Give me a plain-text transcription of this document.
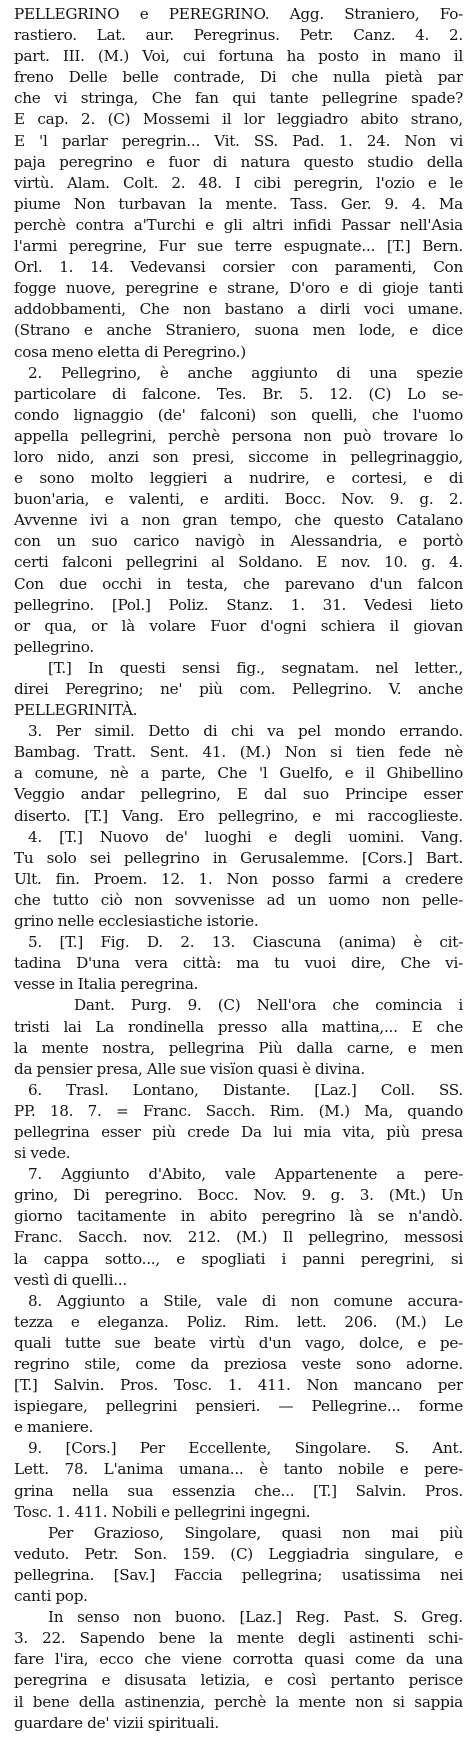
PELLEGRINO e PEREGRINO. Agg. Straniero, Fo-
rastiero. Lat. aur. Peregrinus. Petr. Canz. 4. 2.
part. III. (M.) Voi, cui fortuna ha posto in mano il
freno Delle belle contrade, Di che nulla pietà par
che vi stringa, Che fan qui tante pellegrine spade?
E cap. 2. (C) Mossemi il lor leggiadro abito strano,
E 'l parlar peregrin... Vit. SS. Pad. 1. 24. Non vi
paja peregrino e fuor di natura questo studio della
virtù. Alam. Colt. 2. 48. I cibi peregrin, l'ozio e le
piume Non turbavan la mente. Tass. Ger. 9. 4. Ma
perchè contra a'Turchi e gli altri infidi Passar nell'Asia
l'armi peregrine, Fur sue terre espugnate... [T.] Bern.
Orl. 1. 14. Vedevansi corsier con paramenti, Con
fogge nuove, peregrine e strane, D'oro e di gioje tanti
addobbamenti, Che non bastano a dirli voci umane.
(Strano e anche Straniero, suona men lode, e dice
cosa meno eletta di Peregrino.)
2. Pellegrino, è anche aggiunto di una spezie
particolare di falcone. Tes. Br. 5. 12. (C) Lo se-
condo lignaggio (de' falconi) son quelli, che l'uomo
appella pellegrini, perchè persona non può trovare lo
loro nido, anzi son presi, siccome in pellegrinaggio,
e sono molto leggieri a nudrire, e cortesi, e di
buon'aria, e valenti, e arditi. Bocc. Nov. 9. g. 2.
Avvenne ivi a non gran tempo, che questo Catalano
con un suo carico navigò in Alessandria, e portò
certi falconi pellegrini al Soldano. E nov. 10. g. 4.
Con due occhi in testa, che parevano d'un falcon
pellegrino. [Pol.] Poliz. Stanz. 1. 31. Vedesi lieto
or qua, or là volare Fuor d'ogni schiera il giovan
pellegrino.
[T.] In questi sensi fig., segnatam. nel letter.,
direi Peregrino; ne' più com. Pellegrino. V. anche
PELLEGRINITÀ.
3. Per simil. Detto di chi va pel mondo errando.
Bambag. Tratt. Sent. 41. (M.) Non si tien fede nè
a comune, nè a parte, Che 'l Guelfo, e il Ghibellino
Veggio andar pellegrino, E dal suo Principe esser
diserto. [T.] Vang. Ero pellegrino, e mi raccoglieste.
4. [T.] Nuovo de' luoghi e degli uomini. Vang.
Tu solo sei pellegrino in Gerusalemme. [Cors.] Bart.
Ult. fin. Proem. 12. 1. Non posso farmi a credere
che tutto ciò non sovvenisse ad un uomo non pelle-
grino nelle ecclesiastiche istorie.
5. [T.] Fig. D. 2. 13. Ciascuna (anima) è cit-
tadina D'una vera città: ma tu vuoi dire, Che vi-
vesse in Italia peregrina.
Dant. Purg. 9. (C) Nell'ora che comincia i
tristi lai La rondinella presso alla mattina,... E che
la mente nostra, pellegrina Più dalla carne, e men
da pensier presa, Alle sue visïon quasi è divina.
6. Trasl. Lontano, Distante. [Laz.] Coll. SS.
PP. 18. 7. = Franc. Sacch. Rim. (M.) Ma, quando
pellegrina esser più crede Da lui mia vita, più presa
si vede.
7. Aggiunto d'Abito, vale Appartenente a pere-
grino, Di peregrino. Bocc. Nov. 9. g. 3. (Mt.) Un
giorno tacitamente in abito peregrino là se n'andò.
Franc. Sacch. nov. 212. (M.) Il pellegrino, messosi
la cappa sotto..., e spogliati i panni peregrini, si
vestì di quelli...
8. Aggiunto a Stile, vale di non comune accura-
tezza e eleganza. Poliz. Rim. lett. 206. (M.) Le
quali tutte sue beate virtù d'un vago, dolce, e pe-
regrino stile, come da preziosa veste sono adorne.
[T.] Salvin. Pros. Tosc. 1. 411. Non mancano per
ispiegare, pellegrini pensieri. — Pellegrine... forme
e maniere.
9. [Cors.] Per Eccellente, Singolare. S. Ant.
Lett. 78. L'anima umana... è tanto nobile e pere-
grina nella sua essenzia che... [T.] Salvin. Pros.
Tosc. 1. 411. Nobili e pellegrini ingegni.
Per Grazioso, Singolare, quasi non mai più
veduto. Petr. Son. 159. (C) Leggiadria singulare, e
pellegrina. [Sav.] Faccia pellegrina; usatissima nei
canti pop.
In senso non buono. [Laz.] Reg. Past. S. Greg.
3. 22. Sapendo bene la mente degli astinenti schi-
fare l'ira, ecco che viene corrotta quasi come da una
peregrina e disusata letizia, e così pertanto perisce
il bene della astinenzia, perchè la mente non si sappia
guardare de' vizii spirituali.
